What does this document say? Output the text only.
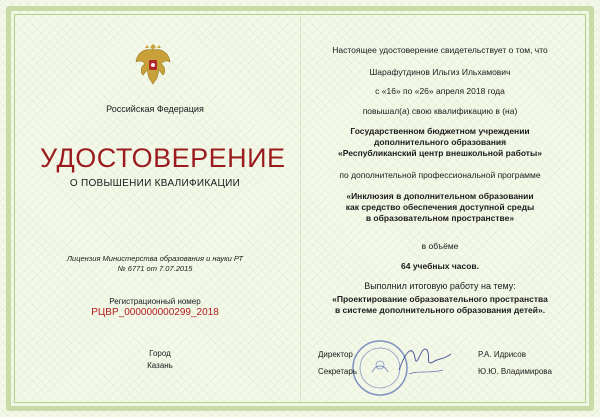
Российская Федерация
УДОСТОВЕРЕНИЕ
О ПОВЫШЕНИИ КВАЛИФИКАЦИИ
Лицензия Министерства образования и науки РТ
№ 6771 от 7.07.2015
Регистрационный номер
РЦВР_000000000299_2018
Город
Казань
Настоящее удостоверение свидетельствует о том, что
Шарафутдинов Ильгиз Ильхамович
с «16» по «26» апреля 2018 года
повышал(а) свою квалификацию в (на)
Государственном бюджетном учреждении
дополнительного образования
«Республиканский центр внешкольной работы»
по дополнительной профессиональной программе
«Инклюзия в дополнительном образовании
как средство обеспечения доступной среды
в образовательном пространстве»
в объёме
64 учебных часов.
Выполнил итоговую работу на тему:
«Проектирование образовательного пространства
в системе дополнительного образования детей».
Директор	Р.А. Идрисов
Секретарь	Ю.Ю. Владимирова
